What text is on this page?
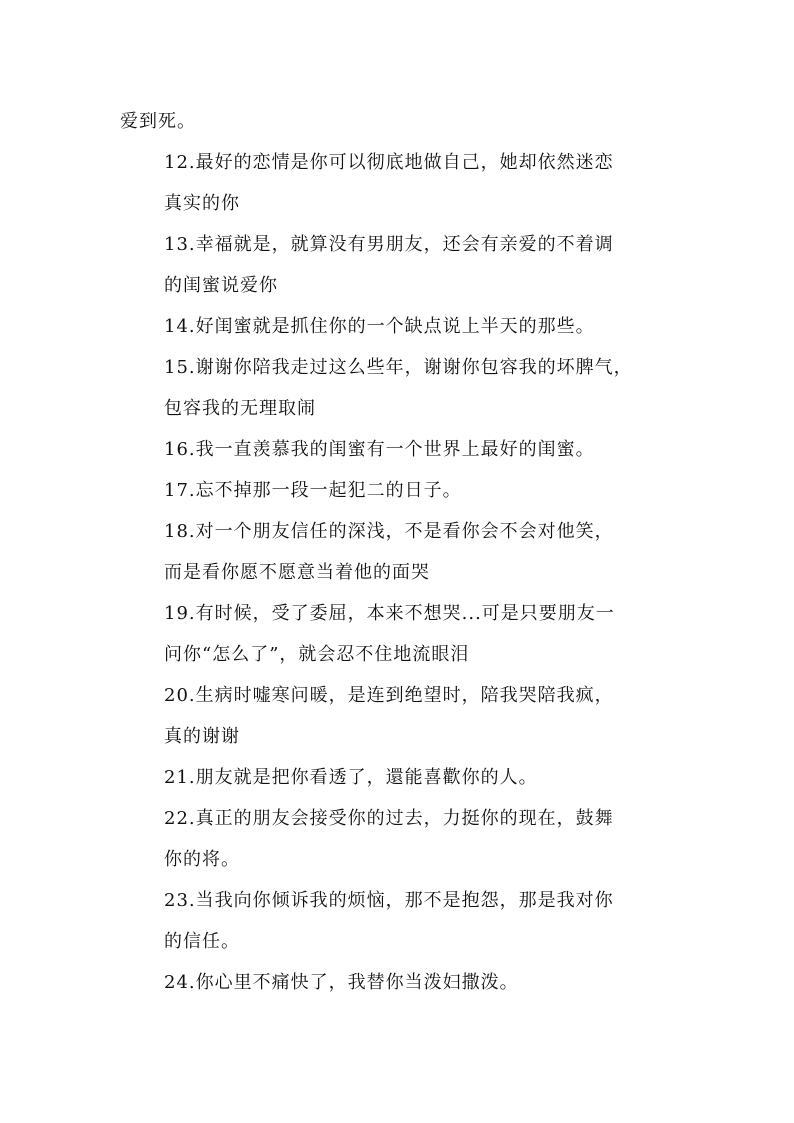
爱到死。

12.最好的恋情是你可以彻底地做自己，她却依然迷恋
真实的你

13.幸福就是，就算没有男朋友，还会有亲爱的不着调
的闺蜜说爱你

14.好闺蜜就是抓住你的一个缺点说上半天的那些。

15.谢谢你陪我走过这么些年，谢谢你包容我的坏脾气，
包容我的无理取闹

16.我一直羡慕我的闺蜜有一个世界上最好的闺蜜。

17.忘不掉那一段一起犯二的日子。

18.对一个朋友信任的深浅，不是看你会不会对他笑，
而是看你愿不愿意当着他的面哭

19.有时候，受了委屈，本来不想哭...可是只要朋友一
问你“怎么了”，就会忍不住地流眼泪

20.生病时嘘寒问暖，是连到绝望时，陪我哭陪我疯，
真的谢谢

21.朋友就是把你看透了，還能喜歡你的人。

22.真正的朋友会接受你的过去，力挺你的现在，鼓舞
你的将。

23.当我向你倾诉我的烦恼，那不是抱怨，那是我对你
的信任。

24.你心里不痛快了，我替你当泼妇撒泼。
